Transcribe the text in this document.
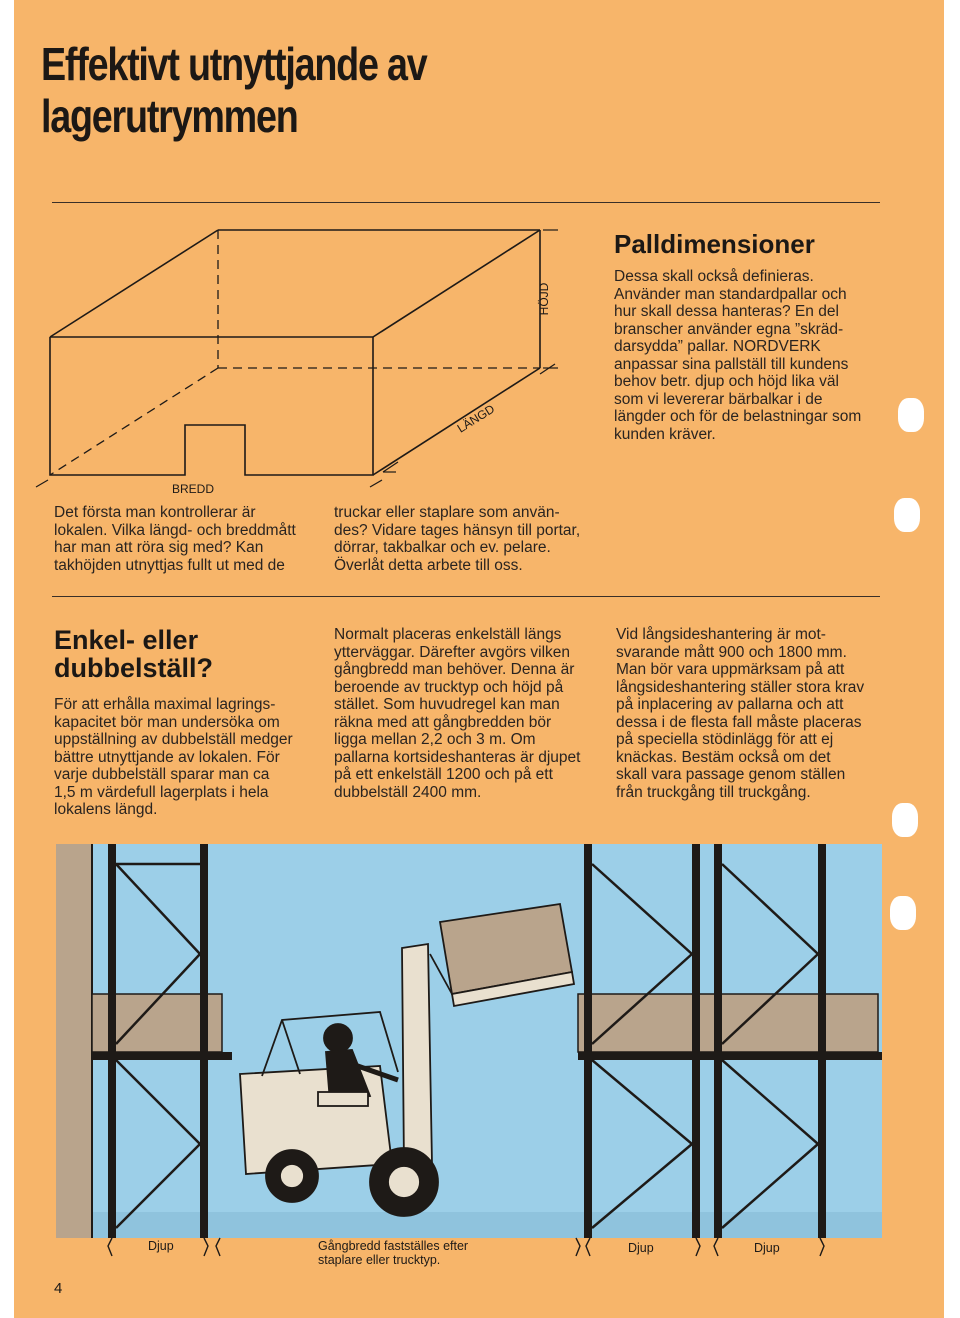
Effektivt utnyttjande av
lagerutrymmen
HÖJD
LÄNGD
BREDD
Palldimensioner
Dessa skall också definieras.
Använder man standardpallar och
hur skall dessa hanteras? En del
branscher använder egna ”skräd-
darsydda” pallar. NORDVERK
anpassar sina pallställ till kundens
behov betr. djup och höjd lika väl
som vi levererar bärbalkar i de
längder och för de belastningar som
kunden kräver.
Det första man kontrollerar är
lokalen. Vilka längd- och breddmått
har man att röra sig med? Kan
takhöjden utnyttjas fullt ut med de
truckar eller staplare som använ-
des? Vidare tages hänsyn till portar,
dörrar, takbalkar och ev. pelare.
Överlåt detta arbete till oss.
Enkel- eller
dubbelställ?
För att erhålla maximal lagrings-
kapacitet bör man undersöka om
uppställning av dubbelställ medger
bättre utnyttjande av lokalen. För
varje dubbelställ sparar man ca
1,5 m värdefull lagerplats i hela
lokalens längd.
Normalt placeras enkelställ längs
ytterväggar. Därefter avgörs vilken
gångbredd man behöver. Denna är
beroende av trucktyp och höjd på
stället. Som huvudregel kan man
räkna med att gångbredden bör
ligga mellan 2,2 och 3 m. Om
pallarna kortsideshanteras är djupet
på ett enkelställ 1200 och på ett
dubbelställ 2400 mm.
Vid långsideshantering är mot-
svarande mått 900 och 1800 mm.
Man bör vara uppmärksam på att
långsideshantering ställer stora krav
på inplacering av pallarna och att
dessa i de flesta fall måste placeras
på speciella stödinlägg för att ej
knäckas. Bestäm också om det
skall vara passage genom ställen
från truckgång till truckgång.
Djup	Djup	Djup
Gångbredd fastställes efter
staplare eller trucktyp.
4
